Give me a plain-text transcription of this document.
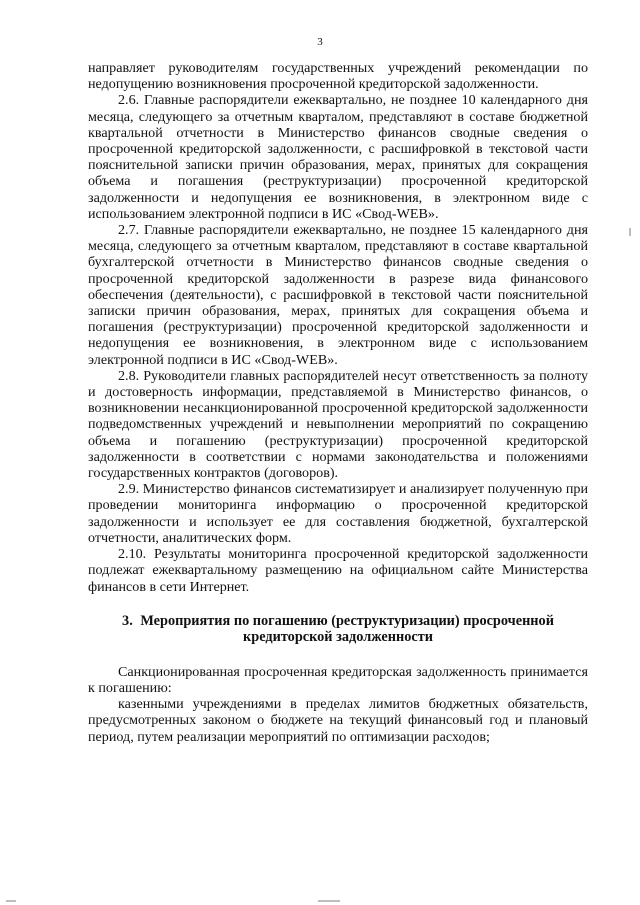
3

направляет руководителям государственных учреждений рекомендации по недопущению возникновения просроченной кредиторской задолженности.

2.6. Главные распорядители ежеквартально, не позднее 10 календарного дня месяца, следующего за отчетным кварталом, представляют в составе бюджетной квартальной отчетности в Министерство финансов сводные сведения о просроченной кредиторской задолженности, с расшифровкой в текстовой части пояснительной записки причин образования, мерах, принятых для сокращения объема и погашения (реструктуризации) просроченной кредиторской задолженности и недопущения ее возникновения, в электронном виде с использованием электронной подписи в ИС «Свод-WEB».

2.7. Главные распорядители ежеквартально, не позднее 15 календарного дня месяца, следующего за отчетным кварталом, представляют в составе квартальной бухгалтерской отчетности в Министерство финансов сводные сведения о просроченной кредиторской задолженности в разрезе вида финансового обеспечения (деятельности), с расшифровкой в текстовой части пояснительной записки причин образования, мерах, принятых для сокращения объема и погашения (реструктуризации) просроченной кредиторской задолженности и недопущения ее возникновения, в электронном виде с использованием электронной подписи в ИС «Свод-WEB».

2.8. Руководители главных распорядителей несут ответственность за полноту и достоверность информации, представляемой в Министерство финансов, о возникновении несанкционированной просроченной кредиторской задолженности подведомственных учреждений и невыполнении мероприятий по сокращению объема и погашению (реструктуризации) просроченной кредиторской задолженности в соответствии с нормами законодательства и положениями государственных контрактов (договоров).

2.9. Министерство финансов систематизирует и анализирует полученную при проведении мониторинга информацию о просроченной кредиторской задолженности и использует ее для составления бюджетной, бухгалтерской отчетности, аналитических форм.

2.10. Результаты мониторинга просроченной кредиторской задолженности подлежат ежеквартальному размещению на официальном сайте Министерства финансов в сети Интернет.

3. Мероприятия по погашению (реструктуризации) просроченной кредиторской задолженности

Санкционированная просроченная кредиторская задолженность принимается к погашению:

казенными учреждениями в пределах лимитов бюджетных обязательств, предусмотренных законом о бюджете на текущий финансовый год и плановый период, путем реализации мероприятий по оптимизации расходов;
